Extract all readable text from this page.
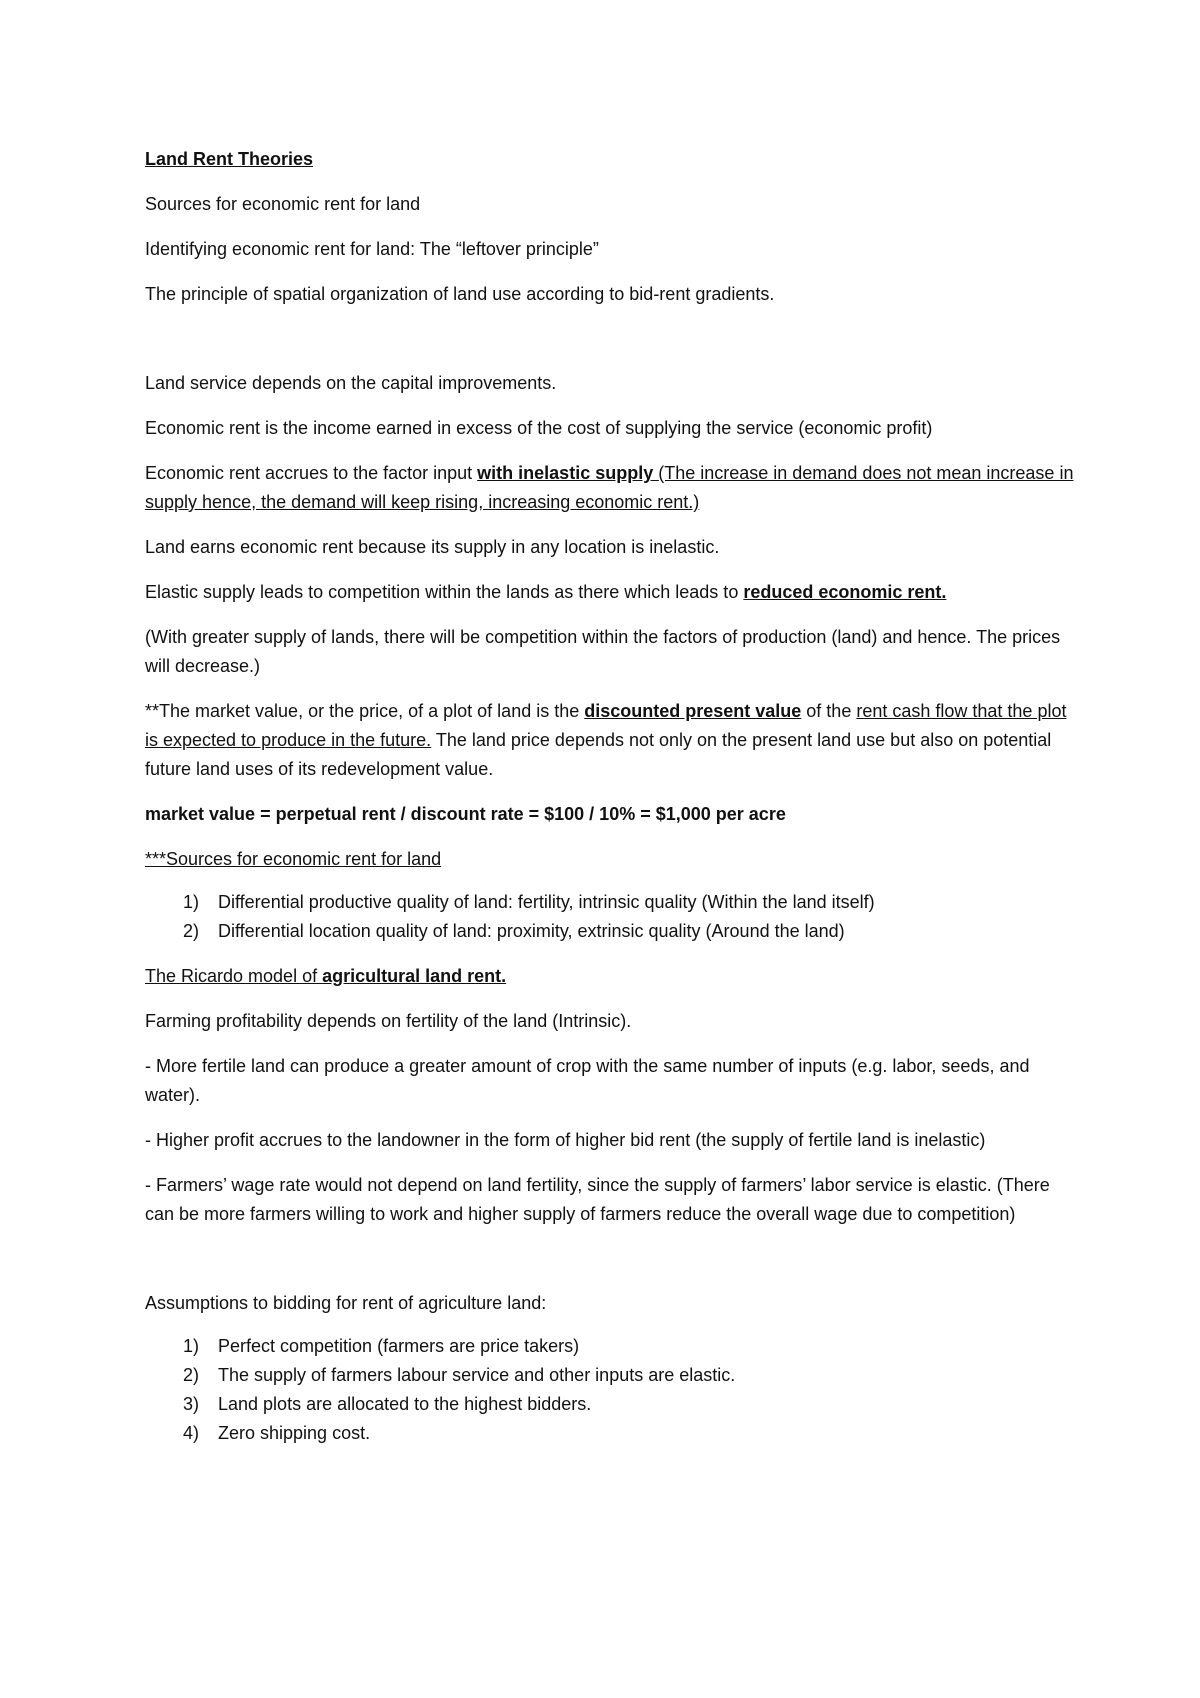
Land Rent Theories

Sources for economic rent for land

Identifying economic rent for land: The “leftover principle”

The principle of spatial organization of land use according to bid-rent gradients.

Land service depends on the capital improvements.

Economic rent is the income earned in excess of the cost of supplying the service (economic profit)

Economic rent accrues to the factor input with inelastic supply (The increase in demand does not mean increase in supply hence, the demand will keep rising, increasing economic rent.)

Land earns economic rent because its supply in any location is inelastic.

Elastic supply leads to competition within the lands as there which leads to reduced economic rent.

(With greater supply of lands, there will be competition within the factors of production (land) and hence. The prices will decrease.)

**The market value, or the price, of a plot of land is the discounted present value of the rent cash flow that the plot is expected to produce in the future. The land price depends not only on the present land use but also on potential future land uses of its redevelopment value.

market value = perpetual rent / discount rate = $100 / 10% = $1,000 per acre

***Sources for economic rent for land

1) Differential productive quality of land: fertility, intrinsic quality (Within the land itself)
2) Differential location quality of land: proximity, extrinsic quality (Around the land)

The Ricardo model of agricultural land rent.

Farming profitability depends on fertility of the land (Intrinsic).

- More fertile land can produce a greater amount of crop with the same number of inputs (e.g. labor, seeds, and water).

- Higher profit accrues to the landowner in the form of higher bid rent (the supply of fertile land is inelastic)

- Farmers’ wage rate would not depend on land fertility, since the supply of farmers’ labor service is elastic. (There can be more farmers willing to work and higher supply of farmers reduce the overall wage due to competition)

Assumptions to bidding for rent of agriculture land:

1) Perfect competition (farmers are price takers)
2) The supply of farmers labour service and other inputs are elastic.
3) Land plots are allocated to the highest bidders.
4) Zero shipping cost.
